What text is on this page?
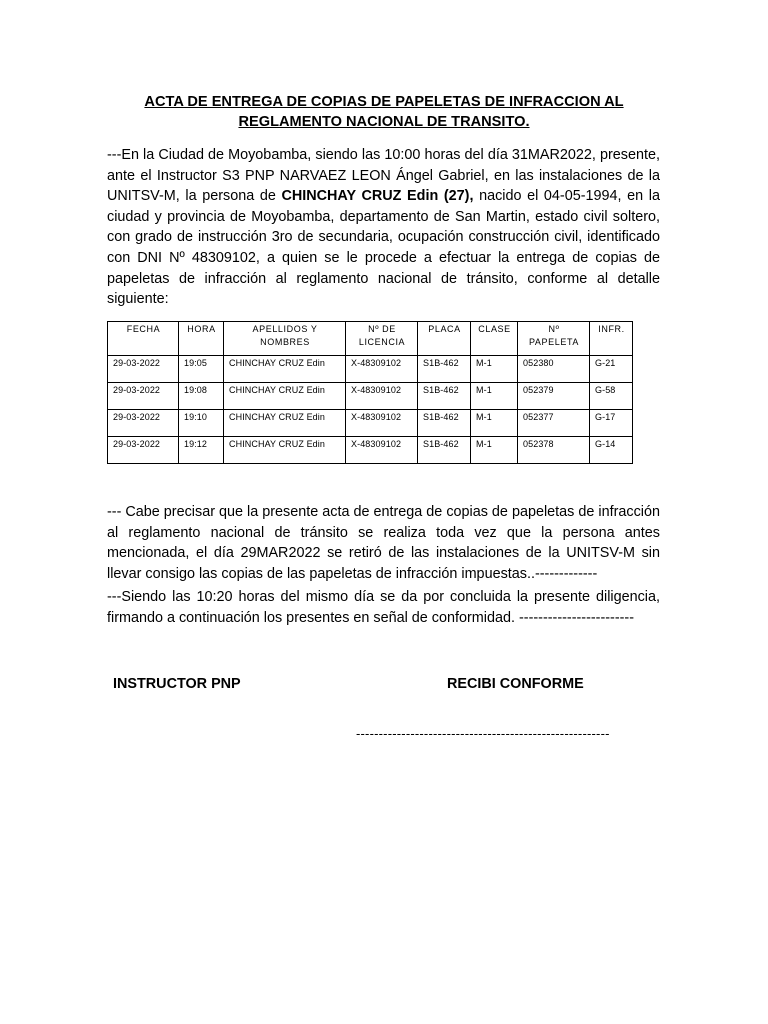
ACTA DE ENTREGA DE COPIAS DE PAPELETAS DE INFRACCION AL

REGLAMENTO NACIONAL DE TRANSITO.

---En la Ciudad de Moyobamba, siendo las 10:00 horas del día 31MAR2022, presente, ante el Instructor S3 PNP NARVAEZ LEON Ángel Gabriel, en las instalaciones de la UNITSV-M, la persona de CHINCHAY CRUZ Edin (27), nacido el 04-05-1994, en la ciudad y provincia de Moyobamba, departamento de San Martin, estado civil soltero, con grado de instrucción 3ro de secundaria, ocupación construcción civil, identificado con DNI Nº 48309102, a quien se le procede a efectuar la entrega de copias de papeletas de infracción al reglamento nacional de tránsito, conforme al detalle siguiente:

FECHA	HORA	APELLIDOS Y NOMBRES	Nº DE LICENCIA	PLACA	CLASE	Nº PAPELETA	INFR.
29-03-2022	19:05	CHINCHAY CRUZ Edin	X-48309102	S1B-462	M-1	052380	G-21
29-03-2022	19:08	CHINCHAY CRUZ Edin	X-48309102	S1B-462	M-1	052379	G-58
29-03-2022	19:10	CHINCHAY CRUZ Edin	X-48309102	S1B-462	M-1	052377	G-17
29-03-2022	19:12	CHINCHAY CRUZ Edin	X-48309102	S1B-462	M-1	052378	G-14

--- Cabe precisar que la presente acta de entrega de copias de papeletas de infracción al reglamento nacional de tránsito se realiza toda vez que la persona antes mencionada, el día 29MAR2022 se retiró de las instalaciones de la UNITSV-M sin llevar consigo las copias de las papeletas de infracción impuestas..-------------

---Siendo las 10:20 horas del mismo día se da por concluida la presente diligencia, firmando a continuación los presentes en señal de conformidad. ------------------------

INSTRUCTOR PNP	RECIBI CONFORME

--------------------------------------------------------
